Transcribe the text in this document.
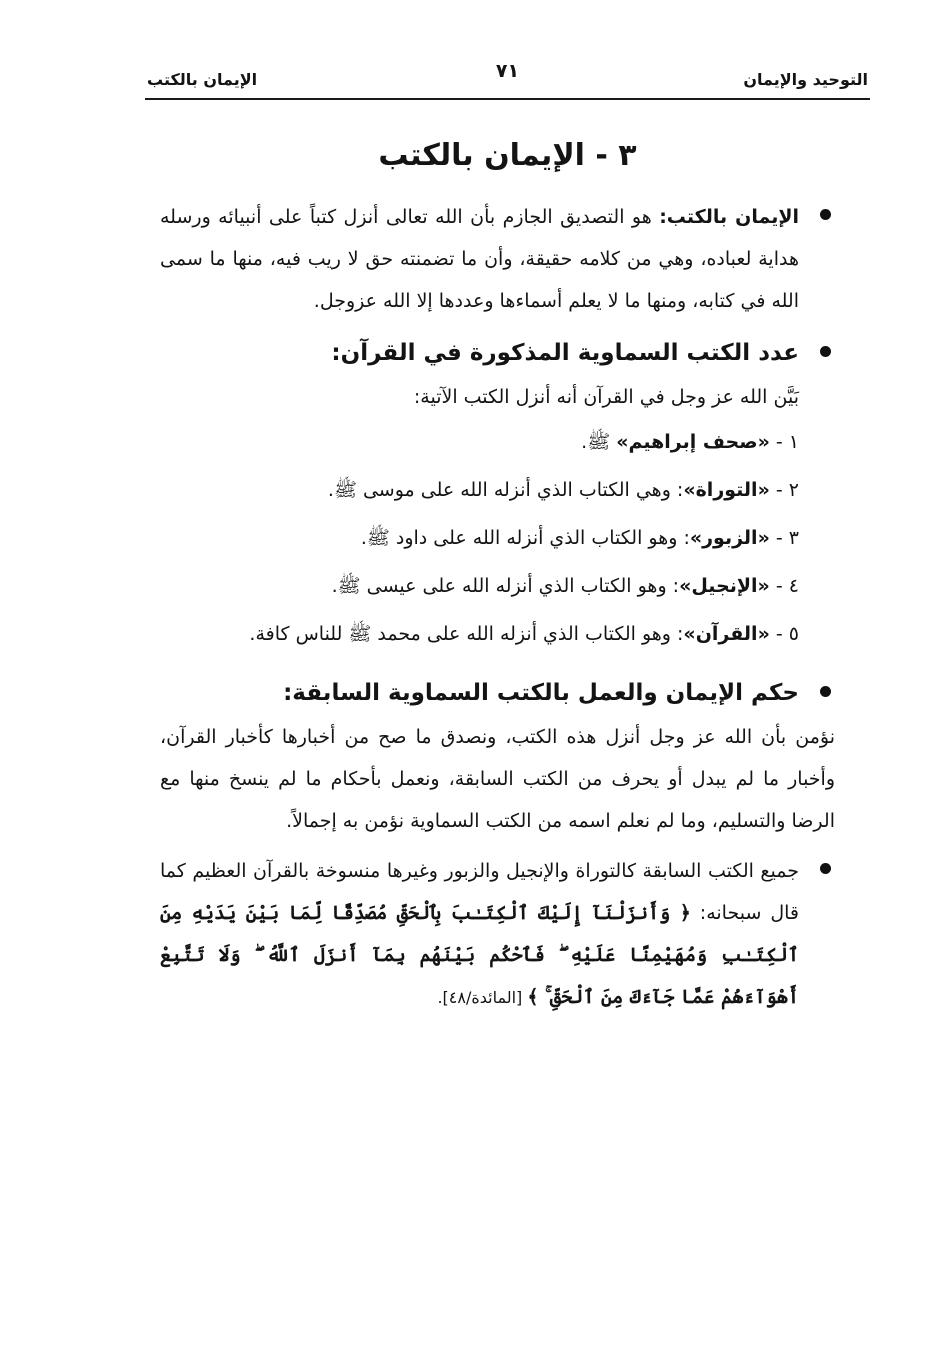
التوحيد والإيمان
٧١
الإيمان بالكتب
٣ - الإيمان بالكتب

الإيمان بالكتب: هو التصديق الجازم بأن الله تعالى أنزل كتباً على أنبيائه ورسله هداية لعباده، وهي من كلامه حقيقة، وأن ما تضمنته حق لا ريب فيه، منها ما سمى الله في كتابه، ومنها ما لا يعلم أسماءها وعددها إلا الله عزوجل.

عدد الكتب السماوية المذكورة في القرآن:

بَيَّن الله عز وجل في القرآن أنه أنزل الكتب الآتية:

١ - «صحف إبراهيم» ﷺ.
٢ - «التوراة»: وهي الكتاب الذي أنزله الله على موسى ﷺ.
٣ - «الزبور»: وهو الكتاب الذي أنزله الله على داود ﷺ.
٤ - «الإنجيل»: وهو الكتاب الذي أنزله الله على عيسى ﷺ.
٥ - «القرآن»: وهو الكتاب الذي أنزله الله على محمد ﷺ للناس كافة.
حكم الإيمان والعمل بالكتب السماوية السابقة:

نؤمن بأن الله عز وجل أنزل هذه الكتب، ونصدق ما صح من أخبارها كأخبار القرآن، وأخبار ما لم يبدل أو يحرف من الكتب السابقة، ونعمل بأحكام ما لم ينسخ منها مع الرضا والتسليم، وما لم نعلم اسمه من الكتب السماوية نؤمن به إجمالاً.

جميع الكتب السابقة كالتوراة والإنجيل والزبور وغيرها منسوخة بالقرآن العظيم كما قال سبحانه: ﴿ وَأَنزَلْنَآ إِلَيْكَ ٱلْكِتَـٰبَ بِٱلْحَقِّ مُصَدِّقًا لِّمَا بَيْنَ يَدَيْهِ مِنَ ٱلْكِتَـٰبِ وَمُهَيْمِنًا عَلَيْهِ ۖ فَٱحْكُم بَيْنَهُم بِمَآ أَنزَلَ ٱللَّهُ ۖ وَلَا تَتَّبِعْ أَهْوَآءَهُمْ عَمَّا جَآءَكَ مِنَ ٱلْحَقِّ ۚ ﴾ [المائدة/٤٨].
